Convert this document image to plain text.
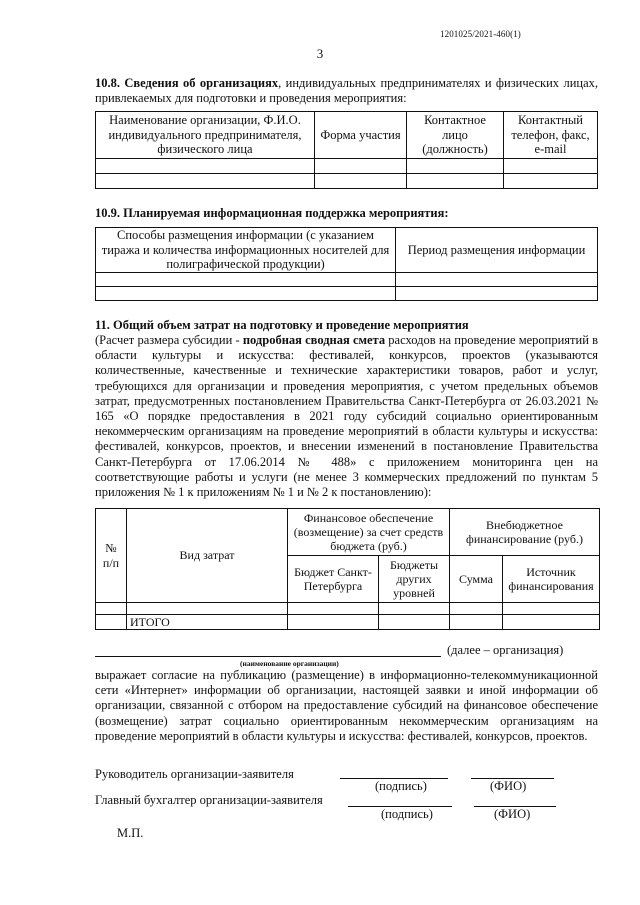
1201025/2021-460(1)
3
10.8. Сведения об организациях, индивидуальных предпринимателях и физических лицах, привлекаемых для подготовки и проведения мероприятия:
Наименование организации, Ф.И.О. индивидуального предпринимателя, физического лица	Форма участия	Контактное лицо (должность)	Контактный телефон, факс, e-mail

10.9. Планируемая информационная поддержка мероприятия:
Способы размещения информации (с указанием тиража и количества информационных носителей для полиграфической продукции)	Период размещения информации

11. Общий объем затрат на подготовку и проведение мероприятия
(Расчет размера субсидии - подробная сводная смета расходов на проведение мероприятий в области культуры и искусства: фестивалей, конкурсов, проектов (указываются количественные, качественные и технические характеристики товаров, работ и услуг, требующихся для организации и проведения мероприятия, с учетом предельных объемов затрат, предусмотренных постановлением Правительства Санкт-Петербурга от 26.03.2021 № 165 «О порядке предоставления в 2021 году субсидий социально ориентированным некоммерческим организациям на проведение мероприятий в области культуры и искусства: фестивалей, конкурсов, проектов, и внесении изменений в постановление Правительства Санкт-Петербурга от 17.06.2014 № 488» с приложением мониторинга цен на соответствующие работы и услуги (не менее 3 коммерческих предложений по пунктам 5 приложения № 1 к приложениям № 1 и № 2 к постановлению):
№ п/п	Вид затрат	Финансовое обеспечение (возмещение) за счет средств бюджета (руб.)		Внебюджетное финансирование (руб.)	
		Бюджет Санкт-Петербурга	Бюджеты других уровней	Сумма	Источник финансирования

	ИТОГО				
(далее – организация)
(наименование организации)
выражает согласие на публикацию (размещение) в информационно-телекоммуникационной сети «Интернет» информации об организации, настоящей заявки и иной информации об организации, связанной с отбором на предоставление субсидий на финансовое обеспечение (возмещение) затрат социально ориентированным некоммерческим организациям на проведение мероприятий в области культуры и искусства: фестивалей, конкурсов, проектов.
Руководитель организации-заявителя
(подпись)	(ФИО)
Главный бухгалтер организации-заявителя
(подпись)	(ФИО)
М.П.
